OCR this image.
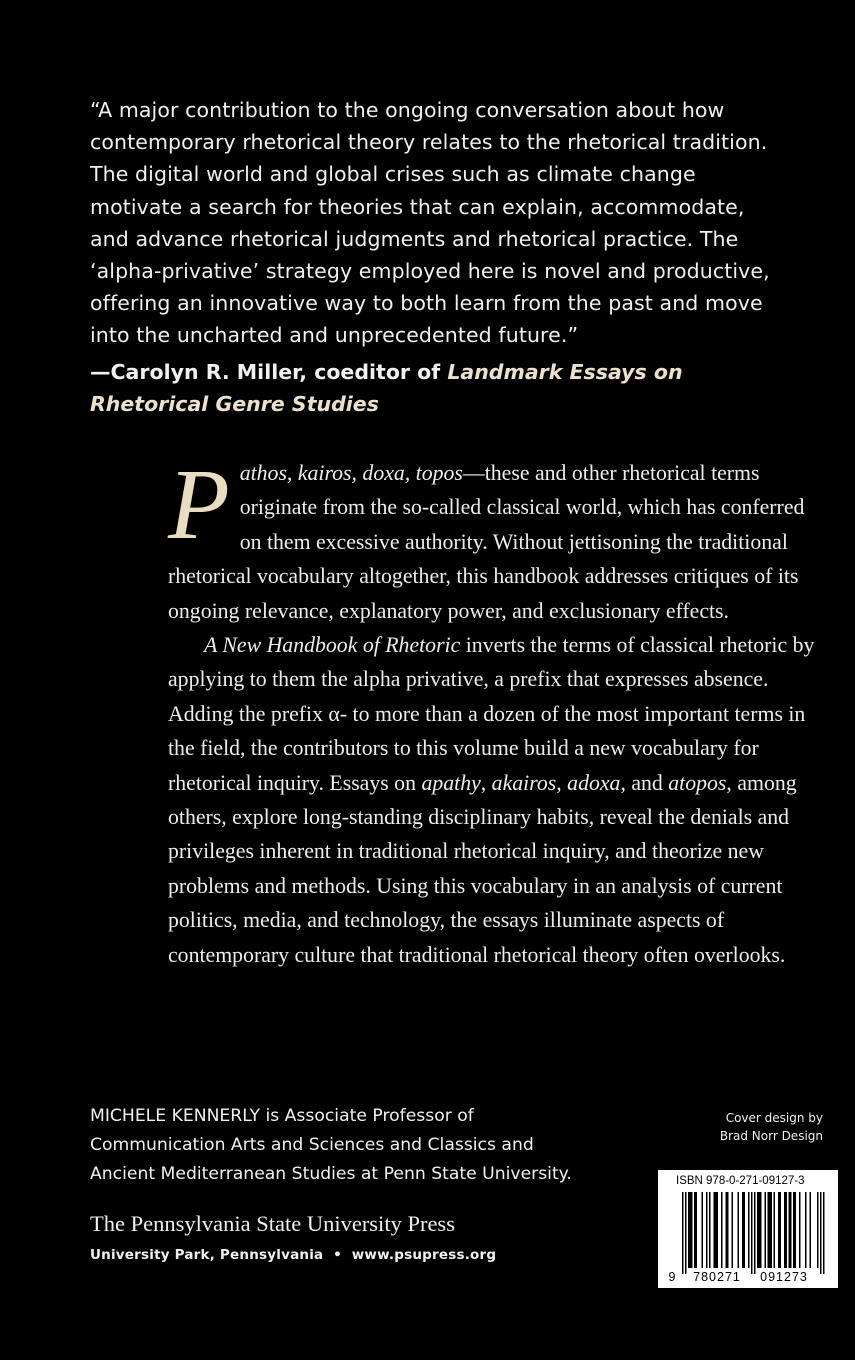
“A major contribution to the ongoing conversation about how

contemporary rhetorical theory relates to the rhetorical tradition.

The digital world and global crises such as climate change

motivate a search for theories that can explain, accommodate,

and advance rhetorical judgments and rhetorical practice. The

‘alpha-privative’ strategy employed here is novel and productive,

offering an innovative way to both learn from the past and move

into the uncharted and unprecedented future.”

—Carolyn R. Miller, coeditor of Landmark Essays on Rhetorical Genre Studies

Pathos, kairos, doxa, topos—these and other rhetorical terms originate from the so-called classical world, which has conferred on them excessive authority. Without jettisoning the traditional rhetorical vocabulary altogether, this handbook addresses critiques of its ongoing relevance, explanatory power, and exclusionary effects.

A New Handbook of Rhetoric inverts the terms of classical rhetoric by applying to them the alpha privative, a prefix that expresses absence. Adding the prefix α- to more than a dozen of the most important terms in the field, the contributors to this volume build a new vocabulary for rhetorical inquiry. Essays on apathy, akairos, adoxa, and atopos, among others, explore long-standing disciplinary habits, reveal the denials and privileges inherent in traditional rhetorical inquiry, and theorize new problems and methods. Using this vocabulary in an analysis of current politics, media, and technology, the essays illuminate aspects of contemporary culture that traditional rhetorical theory often overlooks.

MICHELE KENNERLY is Associate Professor of
Communication Arts and Sciences and Classics and
Ancient Mediterranean Studies at Penn State University.
The Pennsylvania State University Press
University Park, Pennsylvania  •  www.psupress.org
Cover design by
Brad Norr Design
ISBN 978-0-271-09127-3
9 780271 091273
